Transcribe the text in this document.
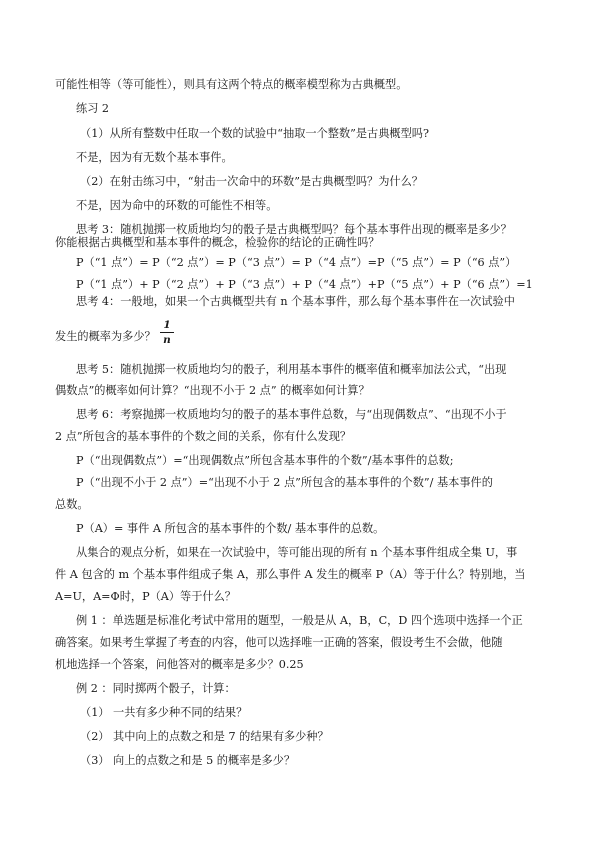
可能性相等（等可能性），则具有这两个特点的概率模型称为古典概型。
练习 2
（1）从所有整数中任取一个数的试验中“抽取一个整数”是古典概型吗?
不是，因为有无数个基本事件。
（2）在射击练习中，“射击一次命中的环数”是古典概型吗？为什么？
不是，因为命中的环数的可能性不相等。
思考 3：随机抛掷一枚质地均匀的骰子是古典概型吗？每个基本事件出现的概率是多少？
你能根据古典概型和基本事件的概念，检验你的结论的正确性吗？
P（“1 点”）= P（“2 点”）= P（“3 点”）= P（“4 点”）=P（“5 点”）= P（“6 点”）
P（“1 点”）+ P（“2 点”）+ P（“3 点”）+ P（“4 点”）+P（“5 点”）+ P（“6 点”）=1
思考 4：一般地，如果一个古典概型共有 n 个基本事件，那么每个基本事件在一次试验中
发生的概率为多少？
1
n
思考 5：随机抛掷一枚质地均匀的骰子，利用基本事件的概率值和概率加法公式，“出现
偶数点”的概率如何计算？“出现不小于 2 点” 的概率如何计算？
思考 6：考察抛掷一枚质地均匀的骰子的基本事件总数，与“出现偶数点”、“出现不小于
2 点”所包含的基本事件的个数之间的关系，你有什么发现？
P（“出现偶数点”）=“出现偶数点”所包含基本事件的个数”/基本事件的总数;
P（“出现不小于 2 点”）=“出现不小于 2 点”所包含的基本事件的个数”/ 基本事件的
总数。
P（A）= 事件 A 所包含的基本事件的个数/ 基本事件的总数。
从集合的观点分析，如果在一次试验中，等可能出现的所有 n 个基本事件组成全集 U，事
件 A 包含的 m 个基本事件组成子集 A，那么事件 A 发生的概率 P（A）等于什么？特别地，当
A=U，A=Φ时，P（A）等于什么？
例 1 ：单选题是标准化考试中常用的题型，一般是从 A，B，C，D 四个选项中选择一个正
确答案。如果考生掌握了考查的内容，他可以选择唯一正确的答案，假设考生不会做，他随
机地选择一个答案，问他答对的概率是多少？0.25
例 2 ：同时掷两个骰子，计算：
（1） 一共有多少种不同的结果？
（2） 其中向上的点数之和是 7 的结果有多少种？
（3） 向上的点数之和是 5 的概率是多少？
